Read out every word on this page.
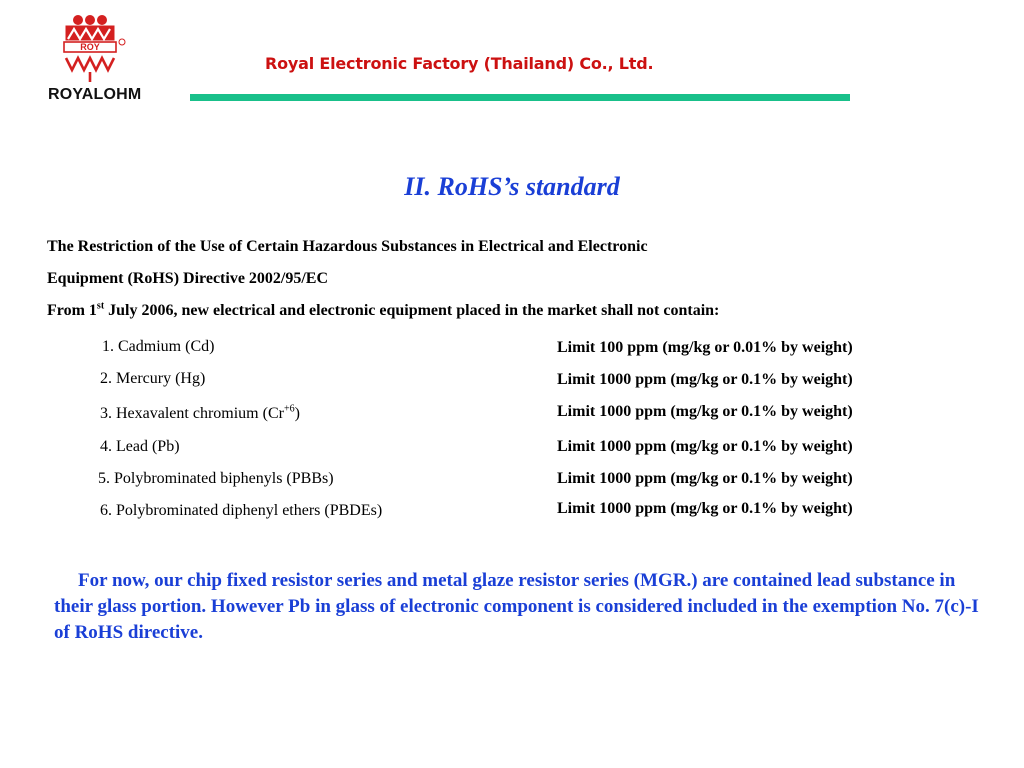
ROY
ROYALOHM
Royal Electronic Factory (Thailand) Co., Ltd.
II. RoHS’s standard
The Restriction of the Use of Certain Hazardous Substances in Electrical and Electronic
Equipment (RoHS) Directive 2002/95/EC
From 1st July 2006, new electrical and electronic equipment placed in the market shall not contain:
1. Cadmium (Cd)	Limit 100 ppm (mg/kg or 0.01% by weight)
2. Mercury (Hg)	Limit 1000 ppm (mg/kg or 0.1% by weight)
3. Hexavalent chromium $(Cr^{+6})$	Limit 1000 ppm (mg/kg or 0.1% by weight)
4. Lead (Pb)	Limit 1000 ppm (mg/kg or 0.1% by weight)
5. Polybrominated biphenyls (PBBs)	Limit 1000 ppm (mg/kg or 0.1% by weight)
6. Polybrominated diphenyl ethers (PBDEs)	Limit 1000 ppm (mg/kg or 0.1% by weight)
For now, our chip fixed resistor series and metal glaze resistor series (MGR.) are contained lead substance in their glass portion. However Pb in glass of electronic component is considered included in the exemption No. 7(c)-I of RoHS directive.
